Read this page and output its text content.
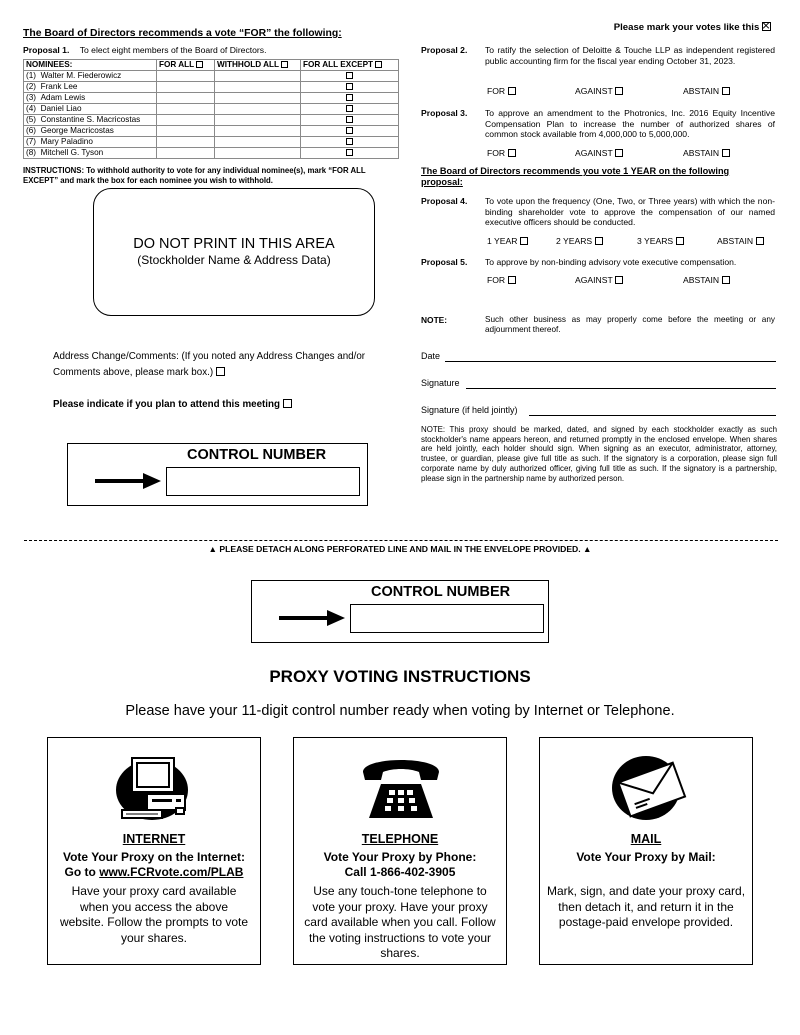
The Board of Directors recommends a vote “FOR” the following:
Please mark your votes like this
Proposal 1. To elect eight members of the Board of Directors.
NOMINEES:	FOR ALL	WITHHOLD ALL	FOR ALL EXCEPT
(1) Walter M. Fiederowicz			
(2) Frank Lee			
(3) Adam Lewis			
(4) Daniel Liao			
(5) Constantine S. Macricostas			
(6) George Macricostas			
(7) Mary Paladino			
(8) Mitchell G. Tyson			
INSTRUCTIONS: To withhold authority to vote for any individual nominee(s), mark “FOR ALL EXCEPT” and mark the box for each nominee you wish to withhold.
DO NOT PRINT IN THIS AREA
(Stockholder Name & Address Data)
Address Change/Comments: (If you noted any Address Changes and/or Comments above, please mark box.)
Please indicate if you plan to attend this meeting
CONTROL NUMBER
Proposal 2.	To ratify the selection of Deloitte & Touche LLP as independent registered public accounting firm for the fiscal year ending October 31, 2023.
FOR	AGAINST	ABSTAIN
Proposal 3.	To approve an amendment to the Photronics, Inc. 2016 Equity Incentive Compensation Plan to increase the number of authorized shares of common stock available from 4,000,000 to 5,000,000.
FOR	AGAINST	ABSTAIN
The Board of Directors recommends you vote 1 YEAR on the following proposal:
Proposal 4.	To vote upon the frequency (One, Two, or Three years) with which the non-binding shareholder vote to approve the compensation of our named executive officers should be conducted.
1 YEAR	2 YEARS	3 YEARS	ABSTAIN
Proposal 5.	To approve by non-binding advisory vote executive compensation.
FOR	AGAINST	ABSTAIN
NOTE:	Such other business as may properly come before the meeting or any adjournment thereof.
Date
Signature
Signature (if held jointly)
NOTE: This proxy should be marked, dated, and signed by each stockholder exactly as such stockholder's name appears hereon, and returned promptly in the enclosed envelope. When shares are held jointly, each holder should sign. When signing as an executor, administrator, attorney, trustee, or guardian, please give full title as such. If the signatory is a corporation, please sign full corporate name by duly authorized officer, giving full title as such. If the signatory is a partnership, please sign in the partnership name by authorized person.
▲ PLEASE DETACH ALONG PERFORATED LINE AND MAIL IN THE ENVELOPE PROVIDED. ▲
CONTROL NUMBER
PROXY VOTING INSTRUCTIONS
Please have your 11-digit control number ready when voting by Internet or Telephone.
INTERNET
Vote Your Proxy on the Internet:
Go to www.FCRvote.com/PLAB
Have your proxy card available when you access the above website. Follow the prompts to vote your shares.
TELEPHONE
Vote Your Proxy by Phone:
Call 1-866-402-3905
Use any touch-tone telephone to vote your proxy. Have your proxy card available when you call. Follow the voting instructions to vote your shares.
MAIL
Vote Your Proxy by Mail:
Mark, sign, and date your proxy card, then detach it, and return it in the postage-paid envelope provided.
